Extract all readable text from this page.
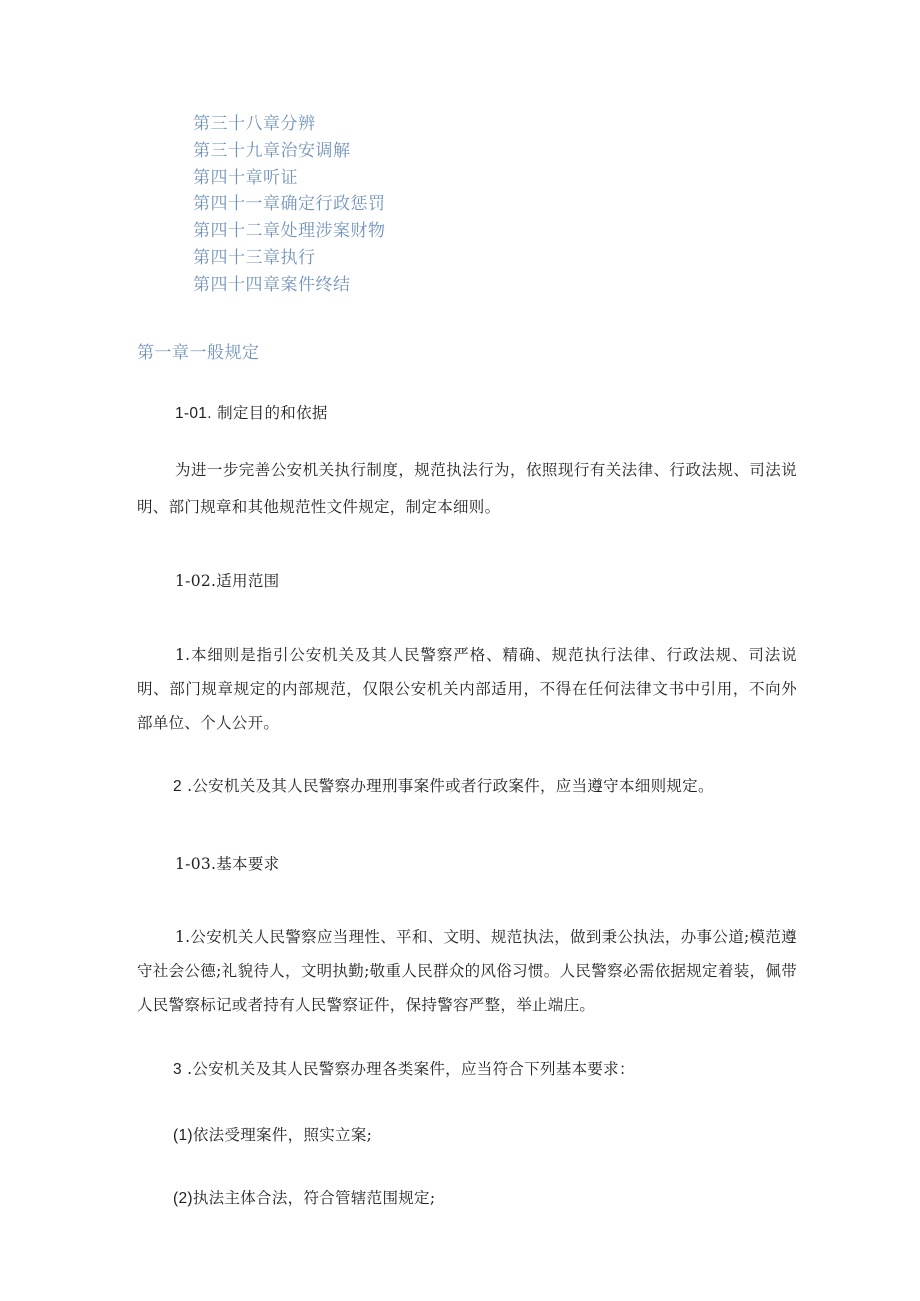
第三十八章分辨
第三十九章治安调解
第四十章听证
第四十一章确定行政惩罚
第四十二章处理涉案财物
第四十三章执行
第四十四章案件终结
第一章一般规定
1-01. 制定目的和依据
为进一步完善公安机关执行制度，规范执法行为，依照现行有关法律、行政法规、司法说明、部门规章和其他规范性文件规定，制定本细则。
1-02.适用范围
1.本细则是指引公安机关及其人民警察严格、精确、规范执行法律、行政法规、司法说明、部门规章规定的内部规范，仅限公安机关内部适用，不得在任何法律文书中引用，不向外部单位、个人公开。
2 .公安机关及其人民警察办理刑事案件或者行政案件，应当遵守本细则规定。
1-03.基本要求
1.公安机关人民警察应当理性、平和、文明、规范执法，做到秉公执法，办事公道;模范遵守社会公德;礼貌待人，文明执勤;敬重人民群众的风俗习惯。人民警察必需依据规定着装，佩带人民警察标记或者持有人民警察证件，保持警容严整，举止端庄。
3 .公安机关及其人民警察办理各类案件，应当符合下列基本要求：
(1)依法受理案件，照实立案;
(2)执法主体合法，符合管辖范围规定;
